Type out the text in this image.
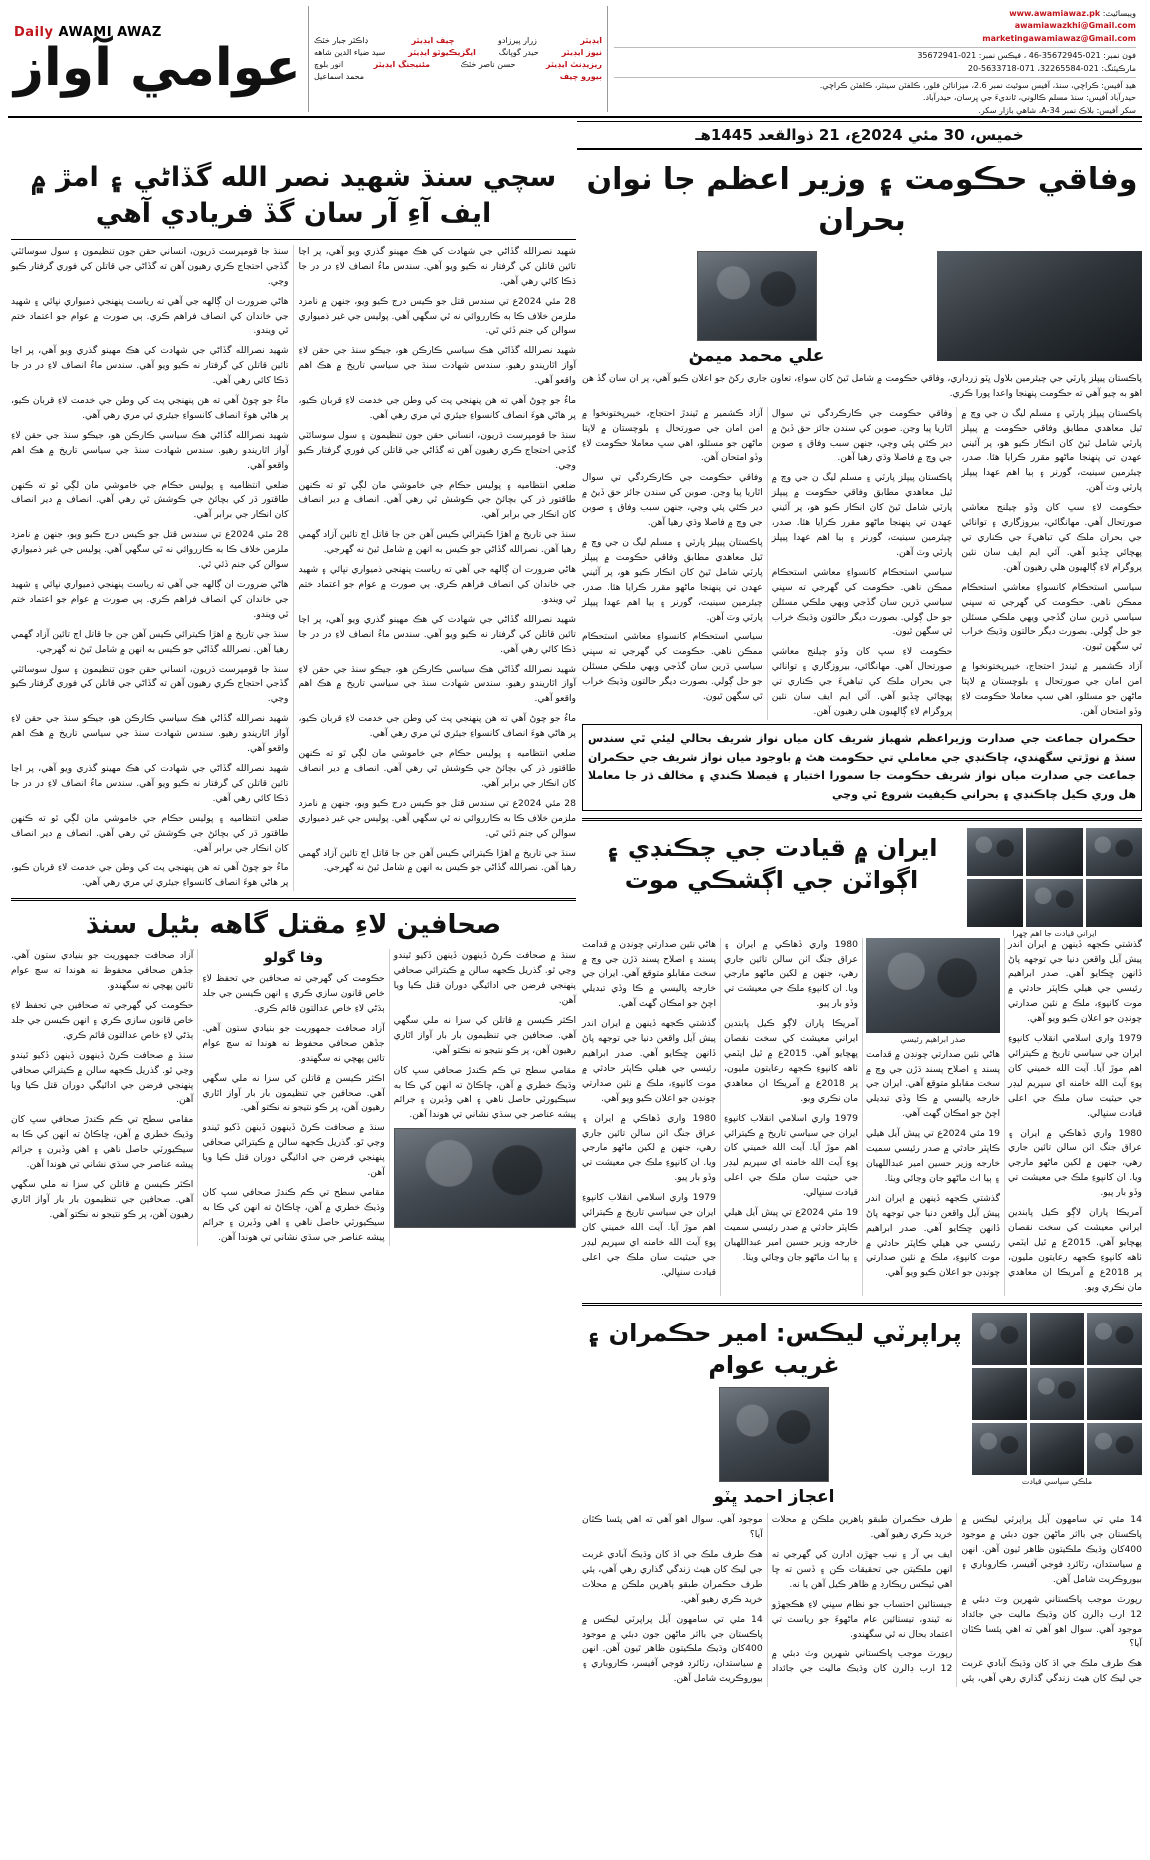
Daily AWAMI AWAZ
عوامي آواز	ايڊيٽر
زرار پيرزادو
چيف ايڊيٽر
ڊاڪٽر جبار خٽڪ
نيوز ايڊيٽر
حيدر گوپانگ
ايگزيڪيوٽو ايڊيٽر
سيد ضياء الدين شاهه
ريزيڊنٽ ايڊيٽر
حسن ناصر خٽڪ
مئنيجنگ ايڊيٽر
انور بلوچ
بيورو چيف
محمد اسماعيل
ويبسائيٽ: www.awamiawaz.pk
awamiawazkhi@Gmail.com
marketingawamiawaz@Gmail.com
فون نمبر: 021-35672945-46 ، فيڪس نمبر: 021-35672941
مارڪيٽنگ: 021-32265584، 071-5633718-20
هيڊ آفيس: ڪراچي، سنڌ، آفيس سوئيٽ نمبر 2.6، ميزانائن فلور، ڪلفٽن سينٽر، ڪلفٽن ڪراچي.
حيدرآباد آفيس: سنڌ مسلم ڪالوني، ٿانديءَ جي ڀرسان، حيدرآباد.
سکر آفيس: بلاڪ نمبر 34-A، شاهي بازار سکر.
خميس، 30 مئي 2024ع، 21 ذوالقعد 1445هـ
وفاقي حڪومت ۽ وزير اعظم جا نوان بحران
علي محمد ميمڻ

پاڪستان پيپلز پارٽي جي چيئرمين بلاول ڀٽو زرداري، وفاقي حڪومت ۾ شامل ٿيڻ کان سواءِ، تعاون جاري رکڻ جو اعلان ڪيو آهي، پر ان سان گڏ هن اهو به چيو آهي ته حڪومت پنهنجا واعدا پورا ڪري.

پاڪستان پيپلز پارٽي ۽ مسلم ليگ ن جي وچ ۾ ٿيل معاهدي مطابق وفاقي حڪومت ۾ پيپلز پارٽي شامل ٿيڻ کان انڪار ڪيو هو، پر آئيني عهدن تي پنهنجا ماڻهو مقرر ڪرايا هئا. صدر، چيئرمين سينيٽ، گورنر ۽ ٻيا اهم عهدا پيپلز پارٽي وٽ آهن.

حڪومت لاءِ سڀ کان وڏو چيلنج معاشي صورتحال آهي. مهانگائي، بيروزگاري ۽ توانائي جي بحران ملڪ کي تباهيءَ جي ڪناري تي پهچائي ڇڏيو آهي. آئي ايم ايف سان نئين پروگرام لاءِ ڳالهيون هلي رهيون آهن.

سياسي استحڪام کانسواءِ معاشي استحڪام ممڪن ناهي. حڪومت کي گهرجي ته سڀني سياسي ڌرين سان گڏجي ويهي ملڪي مسئلن جو حل ڳولي. بصورت ديگر حالتون وڌيڪ خراب ٿي سگهن ٿيون.

آزاد ڪشمير ۾ ٿيندڙ احتجاج، خيبرپختونخوا ۾ امن امان جي صورتحال ۽ بلوچستان ۾ لاپتا ماڻهن جو مسئلو، اهي سڀ معاملا حڪومت لاءِ وڏو امتحان آهن.

وفاقي حڪومت جي ڪارڪردگي تي سوال اٿاريا پيا وڃن. صوبن کي سندن جائز حق ڏيڻ ۾ دير ڪئي پئي وڃي، جنهن سبب وفاق ۽ صوبن جي وچ ۾ فاصلا وڌي رهيا آهن.

پاڪستان پيپلز پارٽي ۽ مسلم ليگ ن جي وچ ۾ ٿيل معاهدي مطابق وفاقي حڪومت ۾ پيپلز پارٽي شامل ٿيڻ کان انڪار ڪيو هو، پر آئيني عهدن تي پنهنجا ماڻهو مقرر ڪرايا هئا. صدر، چيئرمين سينيٽ، گورنر ۽ ٻيا اهم عهدا پيپلز پارٽي وٽ آهن.

سياسي استحڪام کانسواءِ معاشي استحڪام ممڪن ناهي. حڪومت کي گهرجي ته سڀني سياسي ڌرين سان گڏجي ويهي ملڪي مسئلن جو حل ڳولي. بصورت ديگر حالتون وڌيڪ خراب ٿي سگهن ٿيون.

حڪومت لاءِ سڀ کان وڏو چيلنج معاشي صورتحال آهي. مهانگائي، بيروزگاري ۽ توانائي جي بحران ملڪ کي تباهيءَ جي ڪناري تي پهچائي ڇڏيو آهي. آئي ايم ايف سان نئين پروگرام لاءِ ڳالهيون هلي رهيون آهن.

آزاد ڪشمير ۾ ٿيندڙ احتجاج، خيبرپختونخوا ۾ امن امان جي صورتحال ۽ بلوچستان ۾ لاپتا ماڻهن جو مسئلو، اهي سڀ معاملا حڪومت لاءِ وڏو امتحان آهن.

وفاقي حڪومت جي ڪارڪردگي تي سوال اٿاريا پيا وڃن. صوبن کي سندن جائز حق ڏيڻ ۾ دير ڪئي پئي وڃي، جنهن سبب وفاق ۽ صوبن جي وچ ۾ فاصلا وڌي رهيا آهن.

پاڪستان پيپلز پارٽي ۽ مسلم ليگ ن جي وچ ۾ ٿيل معاهدي مطابق وفاقي حڪومت ۾ پيپلز پارٽي شامل ٿيڻ کان انڪار ڪيو هو، پر آئيني عهدن تي پنهنجا ماڻهو مقرر ڪرايا هئا. صدر، چيئرمين سينيٽ، گورنر ۽ ٻيا اهم عهدا پيپلز پارٽي وٽ آهن.

سياسي استحڪام کانسواءِ معاشي استحڪام ممڪن ناهي. حڪومت کي گهرجي ته سڀني سياسي ڌرين سان گڏجي ويهي ملڪي مسئلن جو حل ڳولي. بصورت ديگر حالتون وڌيڪ خراب ٿي سگهن ٿيون.

حڪمران جماعت جي صدارت وزيراعظم شهباز شريف کان مياں نواز شريف بحالي ليئي ٿي سندس سنڌ ۾ نوڙتي سگهندي، چاڪنڊي جي معاملي تي حڪومت هٿ ۾ باوجود مياں نواز شريف جي حڪمران جماعت جي صدارت مياں نواز شريف حڪومت جا سمورا اختيار ۽ فيصلا ڪندي ۽ مخالف ڌر جا معاملا هل وري ڪيل چاڪنڊي ۽ بحراني ڪيفيت شروع ٿي وڃي
ايراني قيادت جا اهم چهرا
ايران ۾ قيادت جي چڪنڊي ۽ اڳواٽن جي اڳشڪي موت

گذشتي ڪجهه ڏينهن ۾ ايران اندر پيش آيل واقعن دنيا جي توجهه پاڻ ڏانهن ڇڪايو آهي. صدر ابراهيم رئيسي جي هيلي ڪاپٽر حادثي ۾ موت کانپوءِ، ملڪ ۾ نئين صدارتي چونڊن جو اعلان ڪيو ويو آهي.

1979 واري اسلامي انقلاب کانپوءِ ايران جي سياسي تاريخ ۾ ڪيترائي اهم موڙ آيا. آيت الله خميني کان پوءِ آيت الله خامنه اي سپريم ليڊر جي حيثيت سان ملڪ جي اعلى قيادت سنڀالي.

1980 واري ڏهاڪي ۾ ايران ۽ عراق جنگ اٺن سالن تائين جاري رهي، جنهن ۾ لکين ماڻهو مارجي ويا. ان کانپوءِ ملڪ جي معيشت تي وڏو بار پيو.

آمريڪا پاران لاڳو ڪيل پابندين ايراني معيشت کي سخت نقصان پهچايو آهي. 2015ع ۾ ٿيل ايٽمي ٺاهه کانپوءِ ڪجهه رعايتون مليون، پر 2018ع ۾ آمريڪا ان معاهدي مان نڪري ويو.

صدر ابراهيم رئيسي

هاڻي نئين صدارتي چونڊن ۾ قدامت پسند ۽ اصلاح پسند ڌڙن جي وچ ۾ سخت مقابلو متوقع آهي. ايران جي خارجه پاليسي ۾ ڪا وڏي تبديلي اچڻ جو امڪان گهٽ آهي.

19 مئي 2024ع تي پيش آيل هيلي ڪاپٽر حادثي ۾ صدر رئيسي سميت خارجه وزير حسين امير عبداللهيان ۽ ٻيا اٺ ماڻهو جان وڃائي ويٺا.

گذشتي ڪجهه ڏينهن ۾ ايران اندر پيش آيل واقعن دنيا جي توجهه پاڻ ڏانهن ڇڪايو آهي. صدر ابراهيم رئيسي جي هيلي ڪاپٽر حادثي ۾ موت کانپوءِ، ملڪ ۾ نئين صدارتي چونڊن جو اعلان ڪيو ويو آهي.

1980 واري ڏهاڪي ۾ ايران ۽ عراق جنگ اٺن سالن تائين جاري رهي، جنهن ۾ لکين ماڻهو مارجي ويا. ان کانپوءِ ملڪ جي معيشت تي وڏو بار پيو.

آمريڪا پاران لاڳو ڪيل پابندين ايراني معيشت کي سخت نقصان پهچايو آهي. 2015ع ۾ ٿيل ايٽمي ٺاهه کانپوءِ ڪجهه رعايتون مليون، پر 2018ع ۾ آمريڪا ان معاهدي مان نڪري ويو.

1979 واري اسلامي انقلاب کانپوءِ ايران جي سياسي تاريخ ۾ ڪيترائي اهم موڙ آيا. آيت الله خميني کان پوءِ آيت الله خامنه اي سپريم ليڊر جي حيثيت سان ملڪ جي اعلى قيادت سنڀالي.

19 مئي 2024ع تي پيش آيل هيلي ڪاپٽر حادثي ۾ صدر رئيسي سميت خارجه وزير حسين امير عبداللهيان ۽ ٻيا اٺ ماڻهو جان وڃائي ويٺا.

هاڻي نئين صدارتي چونڊن ۾ قدامت پسند ۽ اصلاح پسند ڌڙن جي وچ ۾ سخت مقابلو متوقع آهي. ايران جي خارجه پاليسي ۾ ڪا وڏي تبديلي اچڻ جو امڪان گهٽ آهي.

گذشتي ڪجهه ڏينهن ۾ ايران اندر پيش آيل واقعن دنيا جي توجهه پاڻ ڏانهن ڇڪايو آهي. صدر ابراهيم رئيسي جي هيلي ڪاپٽر حادثي ۾ موت کانپوءِ، ملڪ ۾ نئين صدارتي چونڊن جو اعلان ڪيو ويو آهي.

1980 واري ڏهاڪي ۾ ايران ۽ عراق جنگ اٺن سالن تائين جاري رهي، جنهن ۾ لکين ماڻهو مارجي ويا. ان کانپوءِ ملڪ جي معيشت تي وڏو بار پيو.

1979 واري اسلامي انقلاب کانپوءِ ايران جي سياسي تاريخ ۾ ڪيترائي اهم موڙ آيا. آيت الله خميني کان پوءِ آيت الله خامنه اي سپريم ليڊر جي حيثيت سان ملڪ جي اعلى قيادت سنڀالي.

ملڪي سياسي قيادت
پراپرٽي ليڪس: امير حڪمران ۽ غريب عوام
اعجاز احمد ڀٽو

14 مئي تي سامهون آيل پراپرٽي ليڪس ۾ پاڪستان جي بااثر ماڻهن جون دبئي ۾ موجود 400کان وڌيڪ ملڪيتون ظاهر ٿيون آهن. انهن ۾ سياستدان، رٽائرڊ فوجي آفيسر، ڪاروباري ۽ بيوروڪريٽ شامل آهن.

رپورٽ موجب پاڪستاني شهرين وٽ دبئي ۾ 12 ارب ڊالرن کان وڌيڪ ماليت جي جائداد موجود آهي. سوال اهو آهي ته اهي پئسا ڪٿان آيا؟

هڪ طرف ملڪ جي اڌ کان وڌيڪ آبادي غربت جي ليڪ کان هيٺ زندگي گذاري رهي آهي، ٻئي طرف حڪمران طبقو ٻاهرين ملڪن ۾ محلات خريد ڪري رهيو آهي.

ايف بي آر ۽ نيب جهڙن ادارن کي گهرجي ته انهن ملڪيتن جي تحقيقات ڪن ۽ ڏسن ته ڇا اهي ٽيڪس ريڪارڊ ۾ ظاهر ڪيل آهن يا نه.

جيستائين احتساب جو نظام سڀني لاءِ هڪجهڙو نه ٿيندو، تيستائين عام ماڻهوءَ جو رياست تي اعتماد بحال نه ٿي سگهندو.

رپورٽ موجب پاڪستاني شهرين وٽ دبئي ۾ 12 ارب ڊالرن کان وڌيڪ ماليت جي جائداد موجود آهي. سوال اهو آهي ته اهي پئسا ڪٿان آيا؟

هڪ طرف ملڪ جي اڌ کان وڌيڪ آبادي غربت جي ليڪ کان هيٺ زندگي گذاري رهي آهي، ٻئي طرف حڪمران طبقو ٻاهرين ملڪن ۾ محلات خريد ڪري رهيو آهي.

14 مئي تي سامهون آيل پراپرٽي ليڪس ۾ پاڪستان جي بااثر ماڻهن جون دبئي ۾ موجود 400کان وڌيڪ ملڪيتون ظاهر ٿيون آهن. انهن ۾ سياستدان، رٽائرڊ فوجي آفيسر، ڪاروباري ۽ بيوروڪريٽ شامل آهن.

سچي سنڌ شهيد نصر الله گڏاڻي ۽ امڙ ۾ ايف آءِ آر سان گڏ فريادي آهي

شهيد نصرالله گڏاڻي جي شهادت کي هڪ مهينو گذري ويو آهي، پر اڃا تائين قاتلن کي گرفتار نه ڪيو ويو آهي. سندس ماءُ انصاف لاءِ در در جا ڌڪا کائي رهي آهي.

28 مئي 2024ع تي سندس قتل جو ڪيس درج ڪيو ويو، جنهن ۾ نامزد ملزمن خلاف ڪا به ڪارروائي نه ٿي سگهي آهي. پوليس جي غير ذميواري سوالن کي جنم ڏئي ٿي.

شهيد نصرالله گڏاڻي هڪ سياسي ڪارڪن هو، جيڪو سنڌ جي حقن لاءِ آواز اٿاريندو رهيو. سندس شهادت سنڌ جي سياسي تاريخ ۾ هڪ اهم واقعو آهي.

ماءُ جو چوڻ آهي ته هن پنهنجي پٽ کي وطن جي خدمت لاءِ قربان ڪيو، پر هاڻي هوءَ انصاف کانسواءِ جيئري ئي مري رهي آهي.

سنڌ جا قومپرست ڌريون، انساني حقن جون تنظيمون ۽ سول سوسائٽي گڏجي احتجاج ڪري رهيون آهن ته گڏاڻي جي قاتلن کي فوري گرفتار ڪيو وڃي.

ضلعي انتظاميه ۽ پوليس حڪام جي خاموشي مان لڳي ٿو ته ڪنهن طاقتور ڌر کي بچائڻ جي ڪوشش ٿي رهي آهي. انصاف ۾ دير انصاف کان انڪار جي برابر آهي.

سنڌ جي تاريخ ۾ اهڙا ڪيترائي ڪيس آهن جن جا قاتل اڄ تائين آزاد گهمي رهيا آهن. نصرالله گڏاڻي جو ڪيس به انهن ۾ شامل ٿيڻ نه گهرجي.

هاڻي ضرورت ان ڳالهه جي آهي ته رياست پنهنجي ذميواري نڀائي ۽ شهيد جي خاندان کي انصاف فراهم ڪري. ٻي صورت ۾ عوام جو اعتماد ختم ٿي ويندو.

شهيد نصرالله گڏاڻي جي شهادت کي هڪ مهينو گذري ويو آهي، پر اڃا تائين قاتلن کي گرفتار نه ڪيو ويو آهي. سندس ماءُ انصاف لاءِ در در جا ڌڪا کائي رهي آهي.

شهيد نصرالله گڏاڻي هڪ سياسي ڪارڪن هو، جيڪو سنڌ جي حقن لاءِ آواز اٿاريندو رهيو. سندس شهادت سنڌ جي سياسي تاريخ ۾ هڪ اهم واقعو آهي.

ماءُ جو چوڻ آهي ته هن پنهنجي پٽ کي وطن جي خدمت لاءِ قربان ڪيو، پر هاڻي هوءَ انصاف کانسواءِ جيئري ئي مري رهي آهي.

ضلعي انتظاميه ۽ پوليس حڪام جي خاموشي مان لڳي ٿو ته ڪنهن طاقتور ڌر کي بچائڻ جي ڪوشش ٿي رهي آهي. انصاف ۾ دير انصاف کان انڪار جي برابر آهي.

28 مئي 2024ع تي سندس قتل جو ڪيس درج ڪيو ويو، جنهن ۾ نامزد ملزمن خلاف ڪا به ڪارروائي نه ٿي سگهي آهي. پوليس جي غير ذميواري سوالن کي جنم ڏئي ٿي.

سنڌ جي تاريخ ۾ اهڙا ڪيترائي ڪيس آهن جن جا قاتل اڄ تائين آزاد گهمي رهيا آهن. نصرالله گڏاڻي جو ڪيس به انهن ۾ شامل ٿيڻ نه گهرجي.

سنڌ جا قومپرست ڌريون، انساني حقن جون تنظيمون ۽ سول سوسائٽي گڏجي احتجاج ڪري رهيون آهن ته گڏاڻي جي قاتلن کي فوري گرفتار ڪيو وڃي.

هاڻي ضرورت ان ڳالهه جي آهي ته رياست پنهنجي ذميواري نڀائي ۽ شهيد جي خاندان کي انصاف فراهم ڪري. ٻي صورت ۾ عوام جو اعتماد ختم ٿي ويندو.

شهيد نصرالله گڏاڻي جي شهادت کي هڪ مهينو گذري ويو آهي، پر اڃا تائين قاتلن کي گرفتار نه ڪيو ويو آهي. سندس ماءُ انصاف لاءِ در در جا ڌڪا کائي رهي آهي.

ماءُ جو چوڻ آهي ته هن پنهنجي پٽ کي وطن جي خدمت لاءِ قربان ڪيو، پر هاڻي هوءَ انصاف کانسواءِ جيئري ئي مري رهي آهي.

شهيد نصرالله گڏاڻي هڪ سياسي ڪارڪن هو، جيڪو سنڌ جي حقن لاءِ آواز اٿاريندو رهيو. سندس شهادت سنڌ جي سياسي تاريخ ۾ هڪ اهم واقعو آهي.

ضلعي انتظاميه ۽ پوليس حڪام جي خاموشي مان لڳي ٿو ته ڪنهن طاقتور ڌر کي بچائڻ جي ڪوشش ٿي رهي آهي. انصاف ۾ دير انصاف کان انڪار جي برابر آهي.

28 مئي 2024ع تي سندس قتل جو ڪيس درج ڪيو ويو، جنهن ۾ نامزد ملزمن خلاف ڪا به ڪارروائي نه ٿي سگهي آهي. پوليس جي غير ذميواري سوالن کي جنم ڏئي ٿي.

هاڻي ضرورت ان ڳالهه جي آهي ته رياست پنهنجي ذميواري نڀائي ۽ شهيد جي خاندان کي انصاف فراهم ڪري. ٻي صورت ۾ عوام جو اعتماد ختم ٿي ويندو.

سنڌ جي تاريخ ۾ اهڙا ڪيترائي ڪيس آهن جن جا قاتل اڄ تائين آزاد گهمي رهيا آهن. نصرالله گڏاڻي جو ڪيس به انهن ۾ شامل ٿيڻ نه گهرجي.

سنڌ جا قومپرست ڌريون، انساني حقن جون تنظيمون ۽ سول سوسائٽي گڏجي احتجاج ڪري رهيون آهن ته گڏاڻي جي قاتلن کي فوري گرفتار ڪيو وڃي.

شهيد نصرالله گڏاڻي هڪ سياسي ڪارڪن هو، جيڪو سنڌ جي حقن لاءِ آواز اٿاريندو رهيو. سندس شهادت سنڌ جي سياسي تاريخ ۾ هڪ اهم واقعو آهي.

شهيد نصرالله گڏاڻي جي شهادت کي هڪ مهينو گذري ويو آهي، پر اڃا تائين قاتلن کي گرفتار نه ڪيو ويو آهي. سندس ماءُ انصاف لاءِ در در جا ڌڪا کائي رهي آهي.

ضلعي انتظاميه ۽ پوليس حڪام جي خاموشي مان لڳي ٿو ته ڪنهن طاقتور ڌر کي بچائڻ جي ڪوشش ٿي رهي آهي. انصاف ۾ دير انصاف کان انڪار جي برابر آهي.

ماءُ جو چوڻ آهي ته هن پنهنجي پٽ کي وطن جي خدمت لاءِ قربان ڪيو، پر هاڻي هوءَ انصاف کانسواءِ جيئري ئي مري رهي آهي.

صحافين لاءِ مقتل گاهه بڻيل سنڌ

سنڌ ۾ صحافت ڪرڻ ڏينهون ڏينهن ڏکيو ٿيندو وڃي ٿو. گذريل ڪجهه سالن ۾ ڪيترائي صحافي پنهنجي فرضن جي ادائيگي دوران قتل ڪيا ويا آهن.

اڪثر ڪيسن ۾ قاتلن کي سزا نه ملي سگهي آهي. صحافين جي تنظيمون بار بار آواز اٿاري رهيون آهن، پر ڪو نتيجو نه نڪتو آهي.

مقامي سطح تي ڪم ڪندڙ صحافي سڀ کان وڌيڪ خطري ۾ آهن، ڇاڪاڻ ته انهن کي ڪا به سيڪيورٽي حاصل ناهي ۽ اهي وڏيرن ۽ جرائم پيشه عناصر جي سڌي نشاني تي هوندا آهن.

وفا گولو

حڪومت کي گهرجي ته صحافين جي تحفظ لاءِ خاص قانون سازي ڪري ۽ انهن ڪيسن جي جلد ٻڌڻي لاءِ خاص عدالتون قائم ڪري.

آزاد صحافت جمهوريت جو بنيادي ستون آهي. جڏهن صحافي محفوظ نه هوندا ته سچ عوام تائين پهچي نه سگهندو.

اڪثر ڪيسن ۾ قاتلن کي سزا نه ملي سگهي آهي. صحافين جي تنظيمون بار بار آواز اٿاري رهيون آهن، پر ڪو نتيجو نه نڪتو آهي.

سنڌ ۾ صحافت ڪرڻ ڏينهون ڏينهن ڏکيو ٿيندو وڃي ٿو. گذريل ڪجهه سالن ۾ ڪيترائي صحافي پنهنجي فرضن جي ادائيگي دوران قتل ڪيا ويا آهن.

مقامي سطح تي ڪم ڪندڙ صحافي سڀ کان وڌيڪ خطري ۾ آهن، ڇاڪاڻ ته انهن کي ڪا به سيڪيورٽي حاصل ناهي ۽ اهي وڏيرن ۽ جرائم پيشه عناصر جي سڌي نشاني تي هوندا آهن.

آزاد صحافت جمهوريت جو بنيادي ستون آهي. جڏهن صحافي محفوظ نه هوندا ته سچ عوام تائين پهچي نه سگهندو.

حڪومت کي گهرجي ته صحافين جي تحفظ لاءِ خاص قانون سازي ڪري ۽ انهن ڪيسن جي جلد ٻڌڻي لاءِ خاص عدالتون قائم ڪري.

سنڌ ۾ صحافت ڪرڻ ڏينهون ڏينهن ڏکيو ٿيندو وڃي ٿو. گذريل ڪجهه سالن ۾ ڪيترائي صحافي پنهنجي فرضن جي ادائيگي دوران قتل ڪيا ويا آهن.

مقامي سطح تي ڪم ڪندڙ صحافي سڀ کان وڌيڪ خطري ۾ آهن، ڇاڪاڻ ته انهن کي ڪا به سيڪيورٽي حاصل ناهي ۽ اهي وڏيرن ۽ جرائم پيشه عناصر جي سڌي نشاني تي هوندا آهن.

اڪثر ڪيسن ۾ قاتلن کي سزا نه ملي سگهي آهي. صحافين جي تنظيمون بار بار آواز اٿاري رهيون آهن، پر ڪو نتيجو نه نڪتو آهي.
